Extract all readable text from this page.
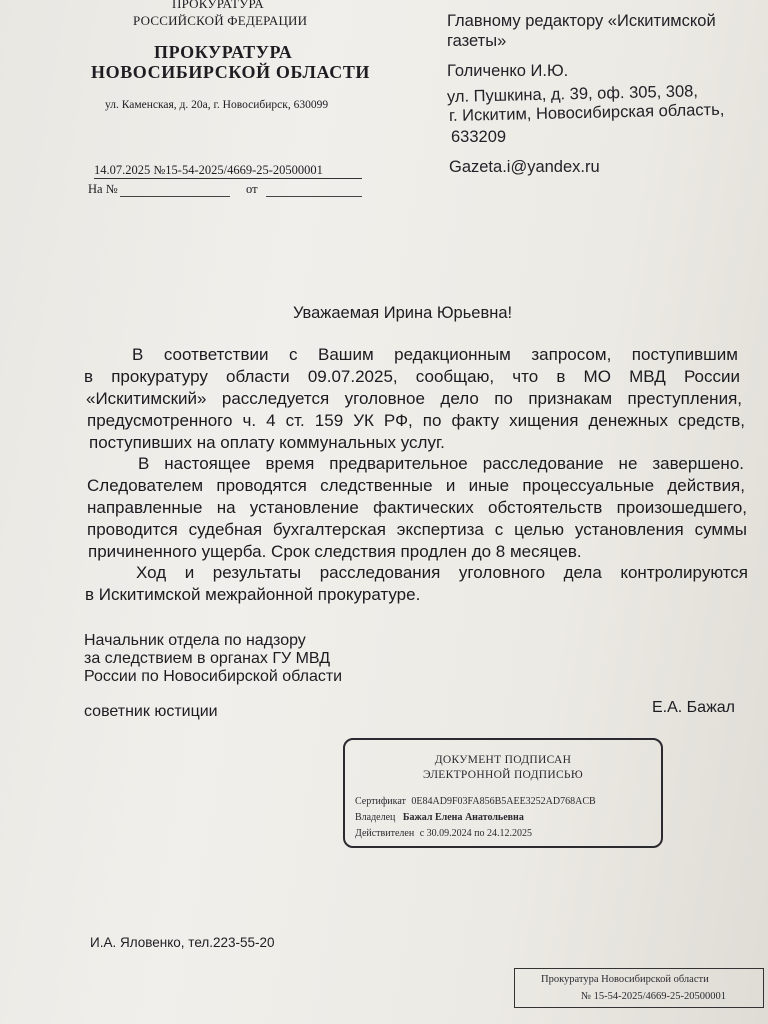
ПРОКУРАТУРА
РОССИЙСКОЙ ФЕДЕРАЦИИ
ПРОКУРАТУРА
НОВОСИБИРСКОЙ ОБЛАСТИ
ул. Каменская, д. 20а, г. Новосибирск, 630099
14.07.2025 №15-54-2025/4669-25-20500001
На №	от
Главному редактору «Искитимской
газеты»
Голиченко И.Ю.
ул. Пушкина, д. 39, оф. 305, 308,
г. Искитим, Новосибирская область,
633209
Gazeta.i@yandex.ru
Уважаемая Ирина Юрьевна!
В соответствии с Вашим редакционным запросом, поступившим
в прокуратуру области 09.07.2025, сообщаю, что в МО МВД России
«Искитимский» расследуется уголовное дело по признакам преступления,
предусмотренного ч. 4 ст. 159 УК РФ, по факту хищения денежных средств,
поступивших на оплату коммунальных услуг.
В настоящее время предварительное расследование не завершено.
Следователем проводятся следственные и иные процессуальные действия,
направленные на установление фактических обстоятельств произошедшего,
проводится судебная бухгалтерская экспертиза с целью установления суммы
причиненного ущерба. Срок следствия продлен до 8 месяцев.
Ход и результаты расследования уголовного дела контролируются
в Искитимской межрайонной прокуратуре.
Начальник отдела по надзору
за следствием в органах ГУ МВД
России по Новосибирской области
советник юстиции	Е.А. Бажал
ДОКУМЕНТ ПОДПИСАН
ЭЛЕКТРОННОЙ ПОДПИСЬЮ
Сертификат 0E84AD9F03FA856B5AEE3252AD768ACB
Владелец Бажал Елена Анатольевна
Действителен с 30.09.2024 по 24.12.2025
И.А. Яловенко, тел.223-55-20
Прокуратура Новосибирской области
№ 15-54-2025/4669-25-20500001
